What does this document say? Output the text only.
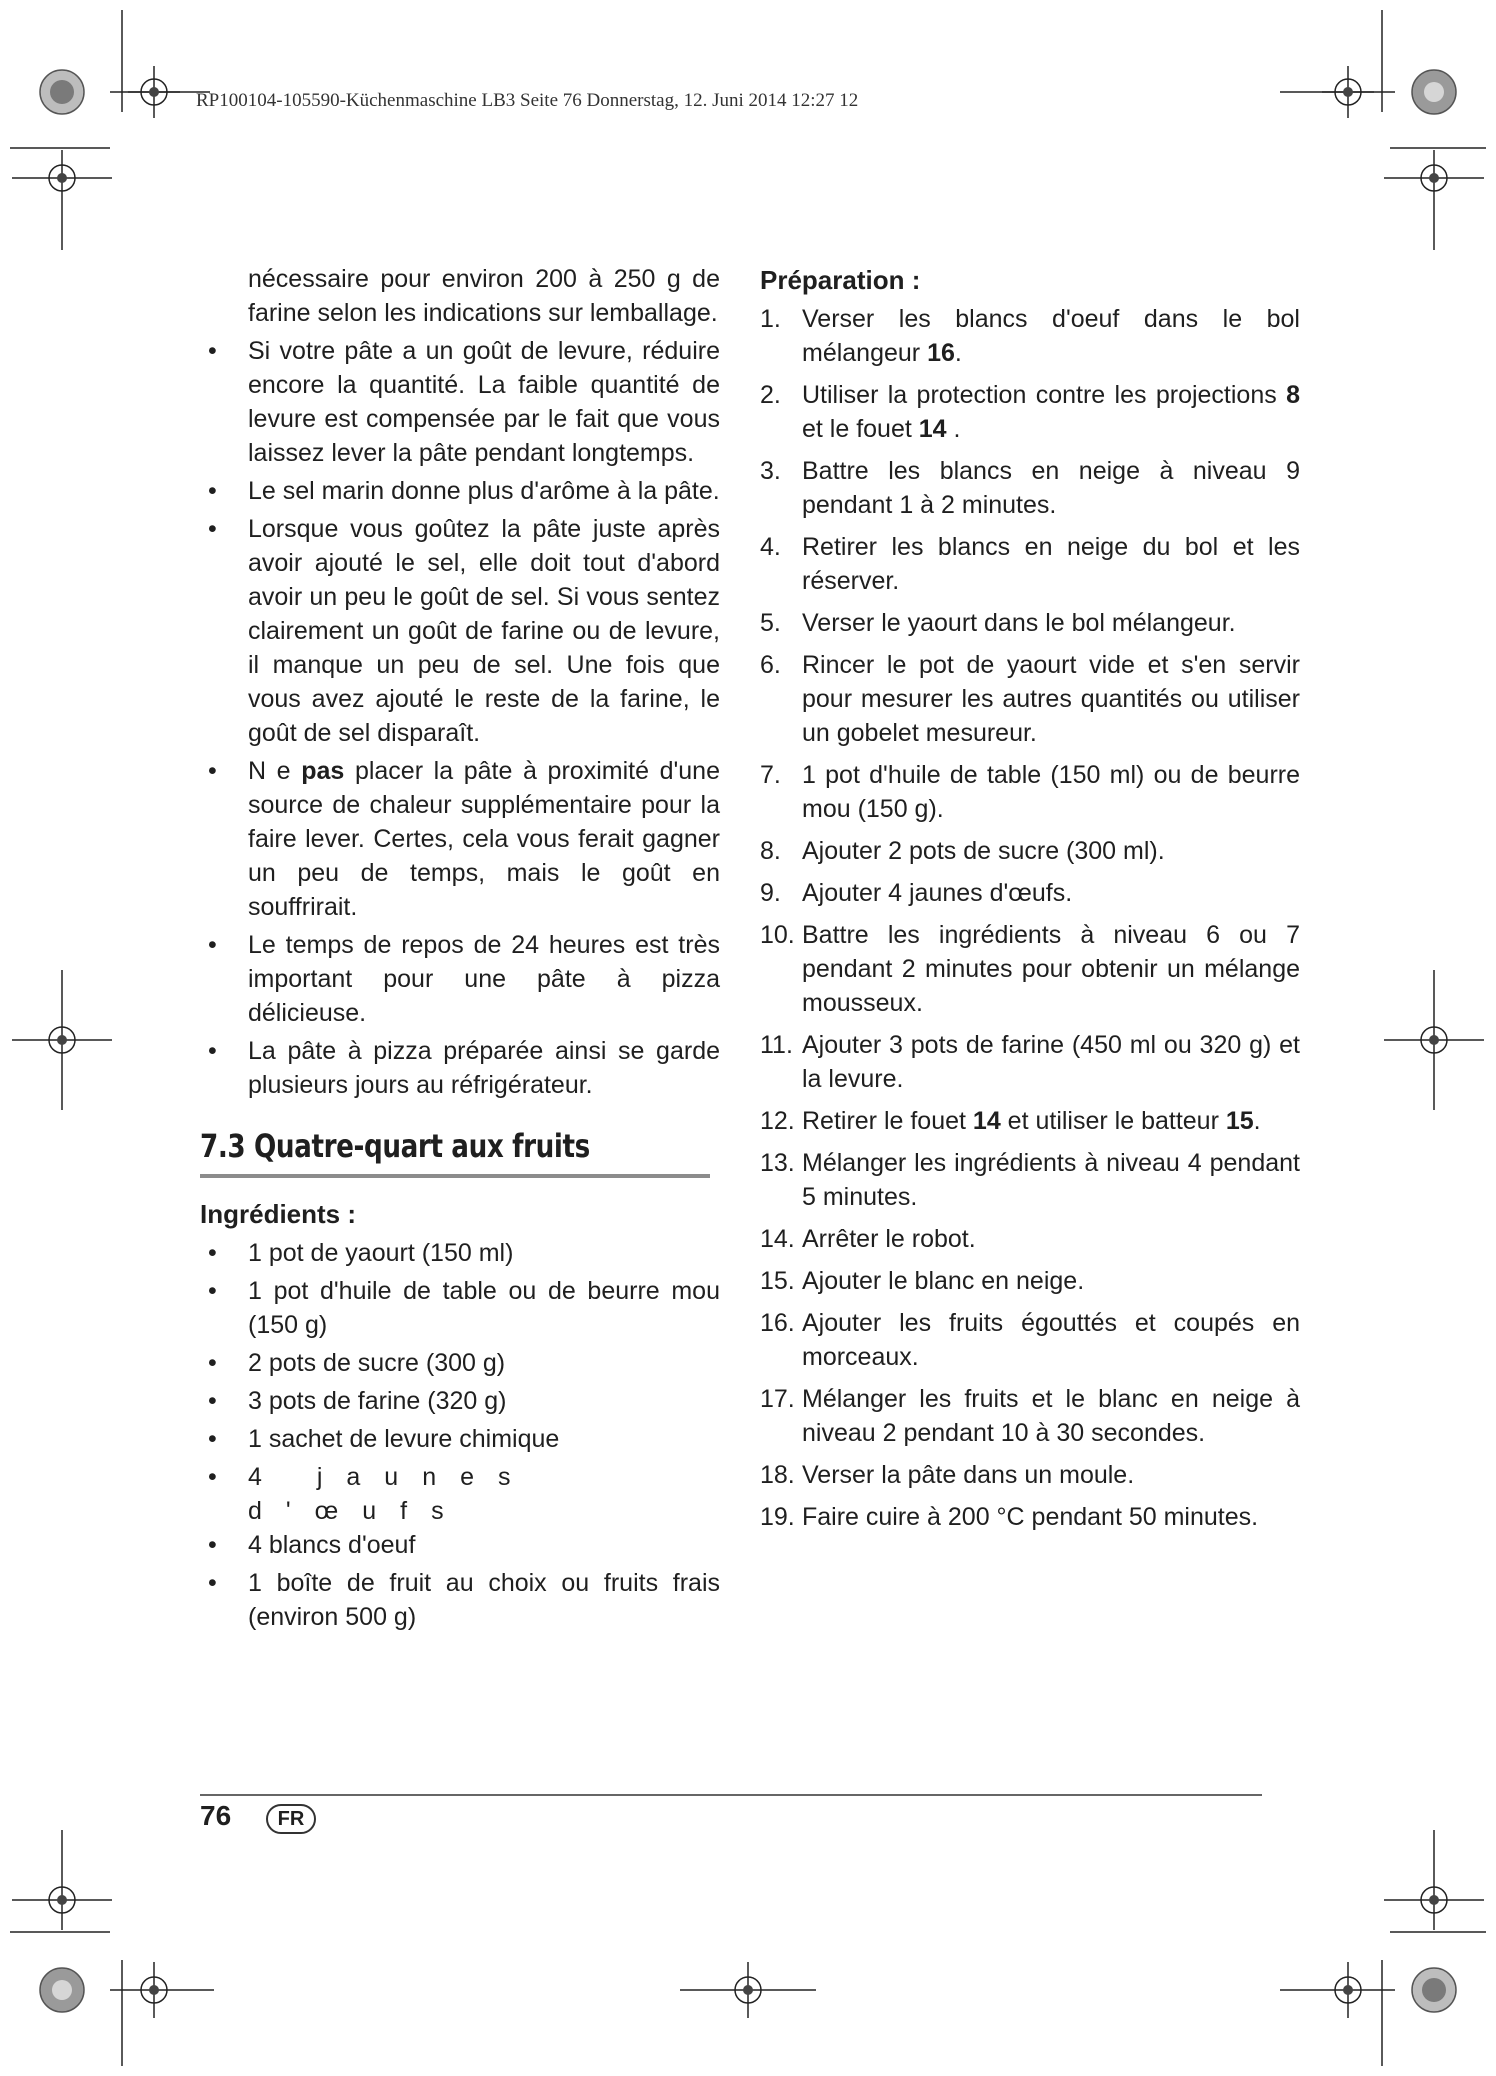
RP100104-105590-Küchenmaschine LB3 Seite 76 Donnerstag, 12. Juni 2014 12:27 12

nécessaire pour environ 200 à 250 g de farine selon les indications sur lemballage.

• Si votre pâte a un goût de levure, réduire encore la quantité. La faible quantité de levure est compensée par le fait que vous laissez lever la pâte pendant longtemps.

• Le sel marin donne plus d'arôme à la pâte.

• Lorsque vous goûtez la pâte juste après avoir ajouté le sel, elle doit tout d'abord avoir un peu le goût de sel. Si vous sentez clairement un goût de farine ou de levure, il manque un peu de sel. Une fois que vous avez ajouté le reste de la farine, le goût de sel disparaît.

• N e pas placer la pâte à proximité d'une source de chaleur supplémentaire pour la faire lever. Certes, cela vous ferait gagner un peu de temps, mais le goût en souffrirait.

• Le temps de repos de 24 heures est très important pour une pâte à pizza délicieuse.

• La pâte à pizza préparée ainsi se garde plusieurs jours au réfrigérateur.

7.3 Quatre-quart aux fruits
Ingrédients :

• 1 pot de yaourt (150 ml)

• 1 pot d'huile de table ou de beurre mou (150 g)

• 2 pots de sucre (300 g)

• 3 pots de farine (320 g)

• 1 sachet de levure chimique

• 4 jaunes d'œufs

• 4 blancs d'oeuf

• 1 boîte de fruit au choix ou fruits frais (environ 500 g)

Préparation :

1. Verser les blancs d'oeuf dans le bol mélangeur 16.

2. Utiliser la protection contre les projections 8 et le fouet 14 .

3. Battre les blancs en neige à niveau 9 pendant 1 à 2 minutes.

4. Retirer les blancs en neige du bol et les réserver.

5. Verser le yaourt dans le bol mélangeur.

6. Rincer le pot de yaourt vide et s'en servir pour mesurer les autres quantités ou utiliser un gobelet mesureur.

7. 1 pot d'huile de table (150 ml) ou de beurre mou (150 g).

8. Ajouter 2 pots de sucre (300 ml).

9. Ajouter 4 jaunes d'œufs.

10. Battre les ingrédients à niveau 6 ou 7 pendant 2 minutes pour obtenir un mélange mousseux.

11. Ajouter 3 pots de farine (450 ml ou 320 g) et la levure.

12. Retirer le fouet 14 et utiliser le batteur 15.

13. Mélanger les ingrédients à niveau 4 pendant 5 minutes.

14. Arrêter le robot.

15. Ajouter le blanc en neige.

16. Ajouter les fruits égouttés et coupés en morceaux.

17. Mélanger les fruits et le blanc en neige à niveau 2 pendant 10 à 30 secondes.

18. Verser la pâte dans un moule.

19. Faire cuire à 200 °C pendant 50 minutes.

76	FR
